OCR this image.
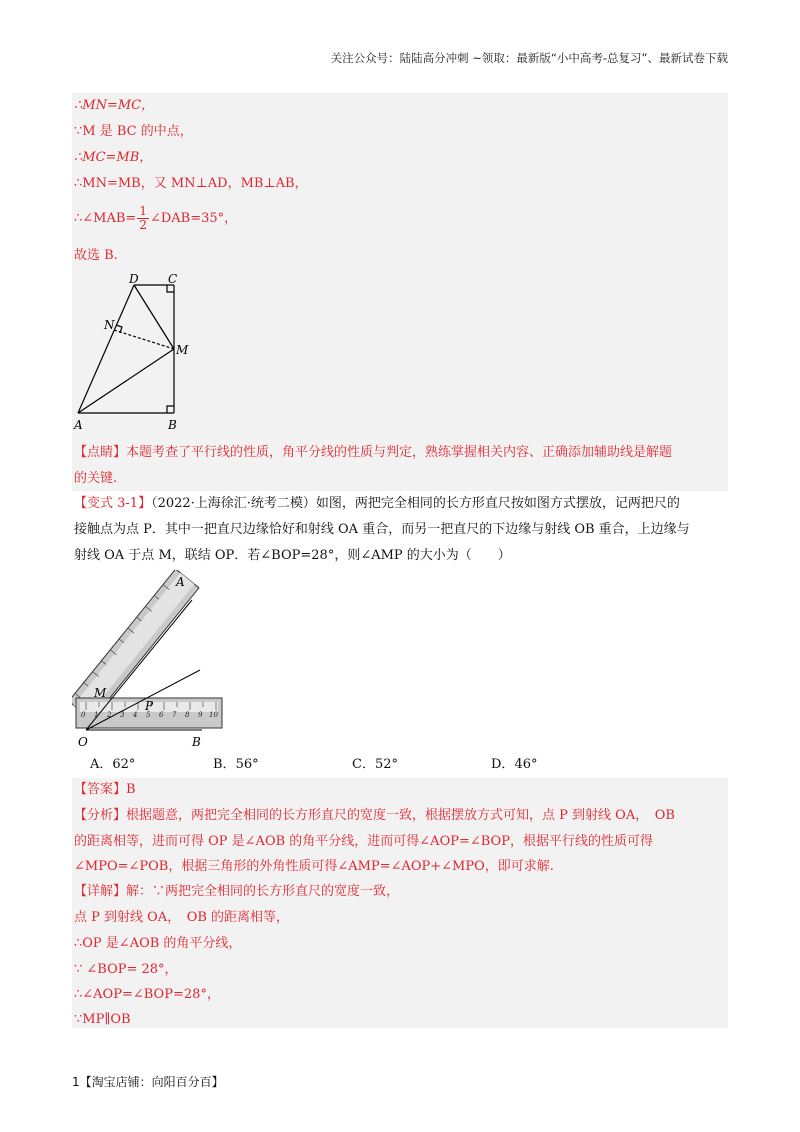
关注公众号：陆陆高分冲刺 ~领取：最新版“小中高考-总复习”、最新试卷下载
∴MN=MC，
∵M 是 BC 的中点，
∴MC=MB，
∴MN=MB，又 MN⊥AD，MB⊥AB，
∴∠MAB= $\frac{1}{2}$ ∠DAB=35°，
故选 B.
D C
N
M
A	B
【点睛】本题考查了平行线的性质，角平分线的性质与判定，熟练掌握相关内容、正确添加辅助线是解题
的关键.
【变式 3-1】（2022·上海徐汇·统考二模）如图，两把完全相同的长方形直尺按如图方式摆放，记两把尺的
接触点为点 P．其中一把直尺边缘恰好和射线 OA 重合，而另一把直尺的下边缘与射线 OB 重合，上边缘与
射线 OA 于点 M，联结 OP．若∠BOP=28°，则∠AMP 的大小为（　　）
0 1 2 3 4 5 6 7 8 9 10
A
M
P
O	B
A．62°	B．56°	C．52°	D．46°
【答案】B
【分析】根据题意，两把完全相同的长方形直尺的宽度一致，根据摆放方式可知，点 P 到射线 OA，　OB
的距离相等，进而可得 OP 是∠AOB 的角平分线，进而可得∠AOP=∠BOP，根据平行线的性质可得
∠MPO=∠POB，根据三角形的外角性质可得∠AMP=∠AOP+∠MPO，即可求解.
【详解】解：∵两把完全相同的长方形直尺的宽度一致，
点 P 到射线 OA，　OB 的距离相等，
∴OP 是∠AOB 的角平分线，
∵ ∠BOP= 28°，
∴∠AOP=∠BOP=28°，
∵MP∥OB
1【淘宝店铺：向阳百分百】
